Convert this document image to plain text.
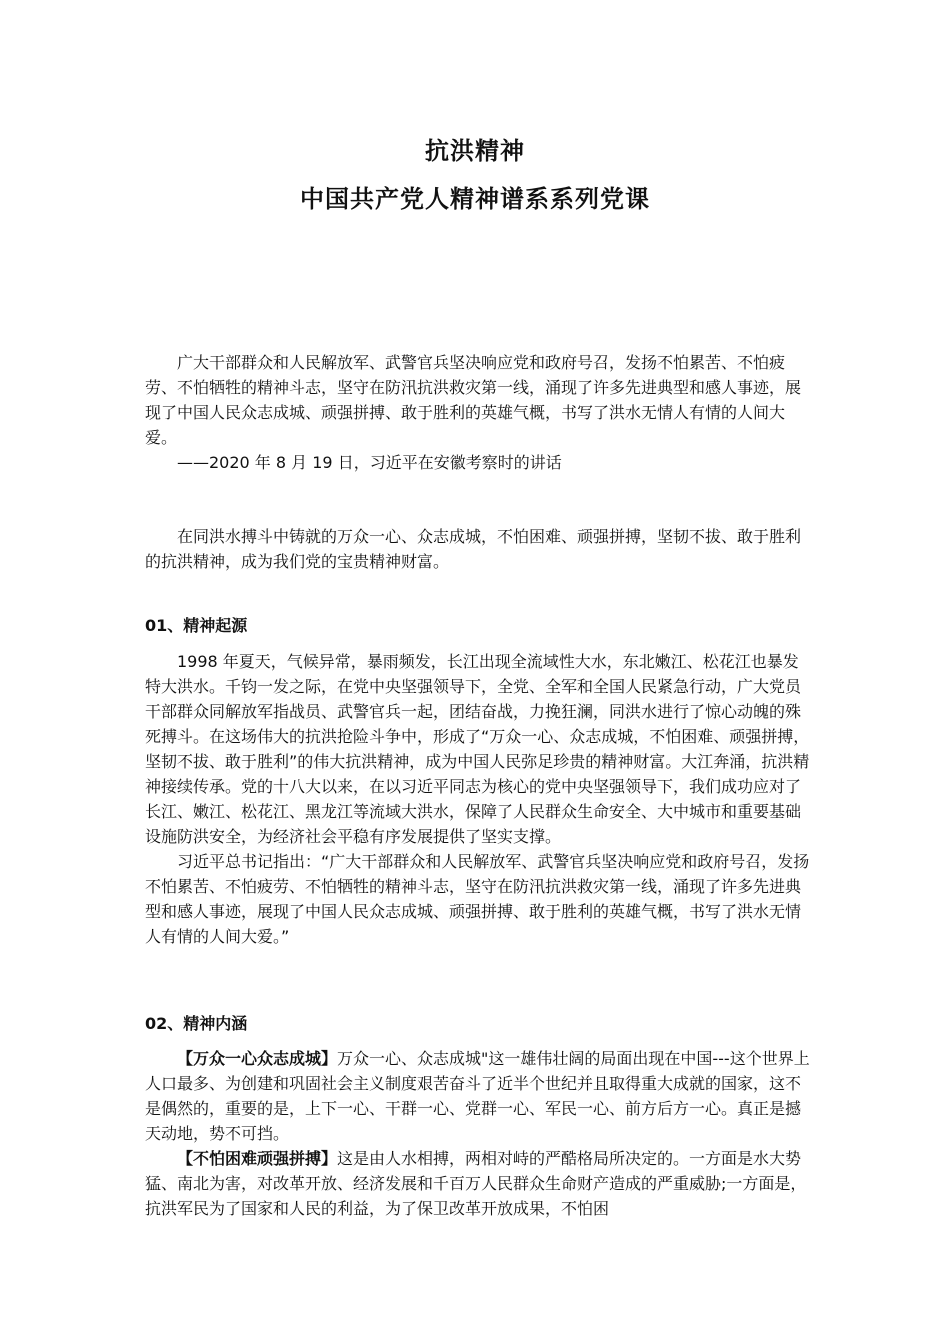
抗洪精神
中国共产党人精神谱系系列党课

广大干部群众和人民解放军、武警官兵坚决响应党和政府号召，发扬不怕累苦、不怕疲劳、不怕牺牲的精神斗志，坚守在防汛抗洪救灾第一线，涌现了许多先进典型和感人事迹，展现了中国人民众志成城、顽强拼搏、敢于胜利的英雄气概，书写了洪水无情人有情的人间大爱。

——2020 年 8 月 19 日，习近平在安徽考察时的讲话

在同洪水搏斗中铸就的万众一心、众志成城，不怕困难、顽强拼搏，坚韧不拔、敢于胜利的抗洪精神，成为我们党的宝贵精神财富。

01、精神起源

1998 年夏天，气候异常，暴雨频发，长江出现全流域性大水，东北嫩江、松花江也暴发特大洪水。千钧一发之际，在党中央坚强领导下，全党、全军和全国人民紧急行动，广大党员干部群众同解放军指战员、武警官兵一起，团结奋战，力挽狂澜，同洪水进行了惊心动魄的殊死搏斗。在这场伟大的抗洪抢险斗争中，形成了“万众一心、众志成城，不怕困难、顽强拼搏，坚韧不拔、敢于胜利”的伟大抗洪精神，成为中国人民弥足珍贵的精神财富。大江奔涌，抗洪精神接续传承。党的十八大以来，在以习近平同志为核心的党中央坚强领导下，我们成功应对了长江、嫩江、松花江、黑龙江等流域大洪水，保障了人民群众生命安全、大中城市和重要基础设施防洪安全，为经济社会平稳有序发展提供了坚实支撑。

习近平总书记指出：“广大干部群众和人民解放军、武警官兵坚决响应党和政府号召，发扬不怕累苦、不怕疲劳、不怕牺牲的精神斗志，坚守在防汛抗洪救灾第一线，涌现了许多先进典型和感人事迹，展现了中国人民众志成城、顽强拼搏、敢于胜利的英雄气概，书写了洪水无情人有情的人间大爱。”

02、精神内涵

【万众一心众志成城】万众一心、众志成城"这一雄伟壮阔的局面出现在中国---这个世界上人口最多、为创建和巩固社会主义制度艰苦奋斗了近半个世纪并且取得重大成就的国家，这不是偶然的，重要的是，上下一心、干群一心、党群一心、军民一心、前方后方一心。真正是撼天动地，势不可挡。

【不怕困难顽强拼搏】这是由人水相搏，两相对峙的严酷格局所决定的。一方面是水大势猛、南北为害，对改革开放、经济发展和千百万人民群众生命财产造成的严重威胁;一方面是，抗洪军民为了国家和人民的利益，为了保卫改革开放成果，不怕困
